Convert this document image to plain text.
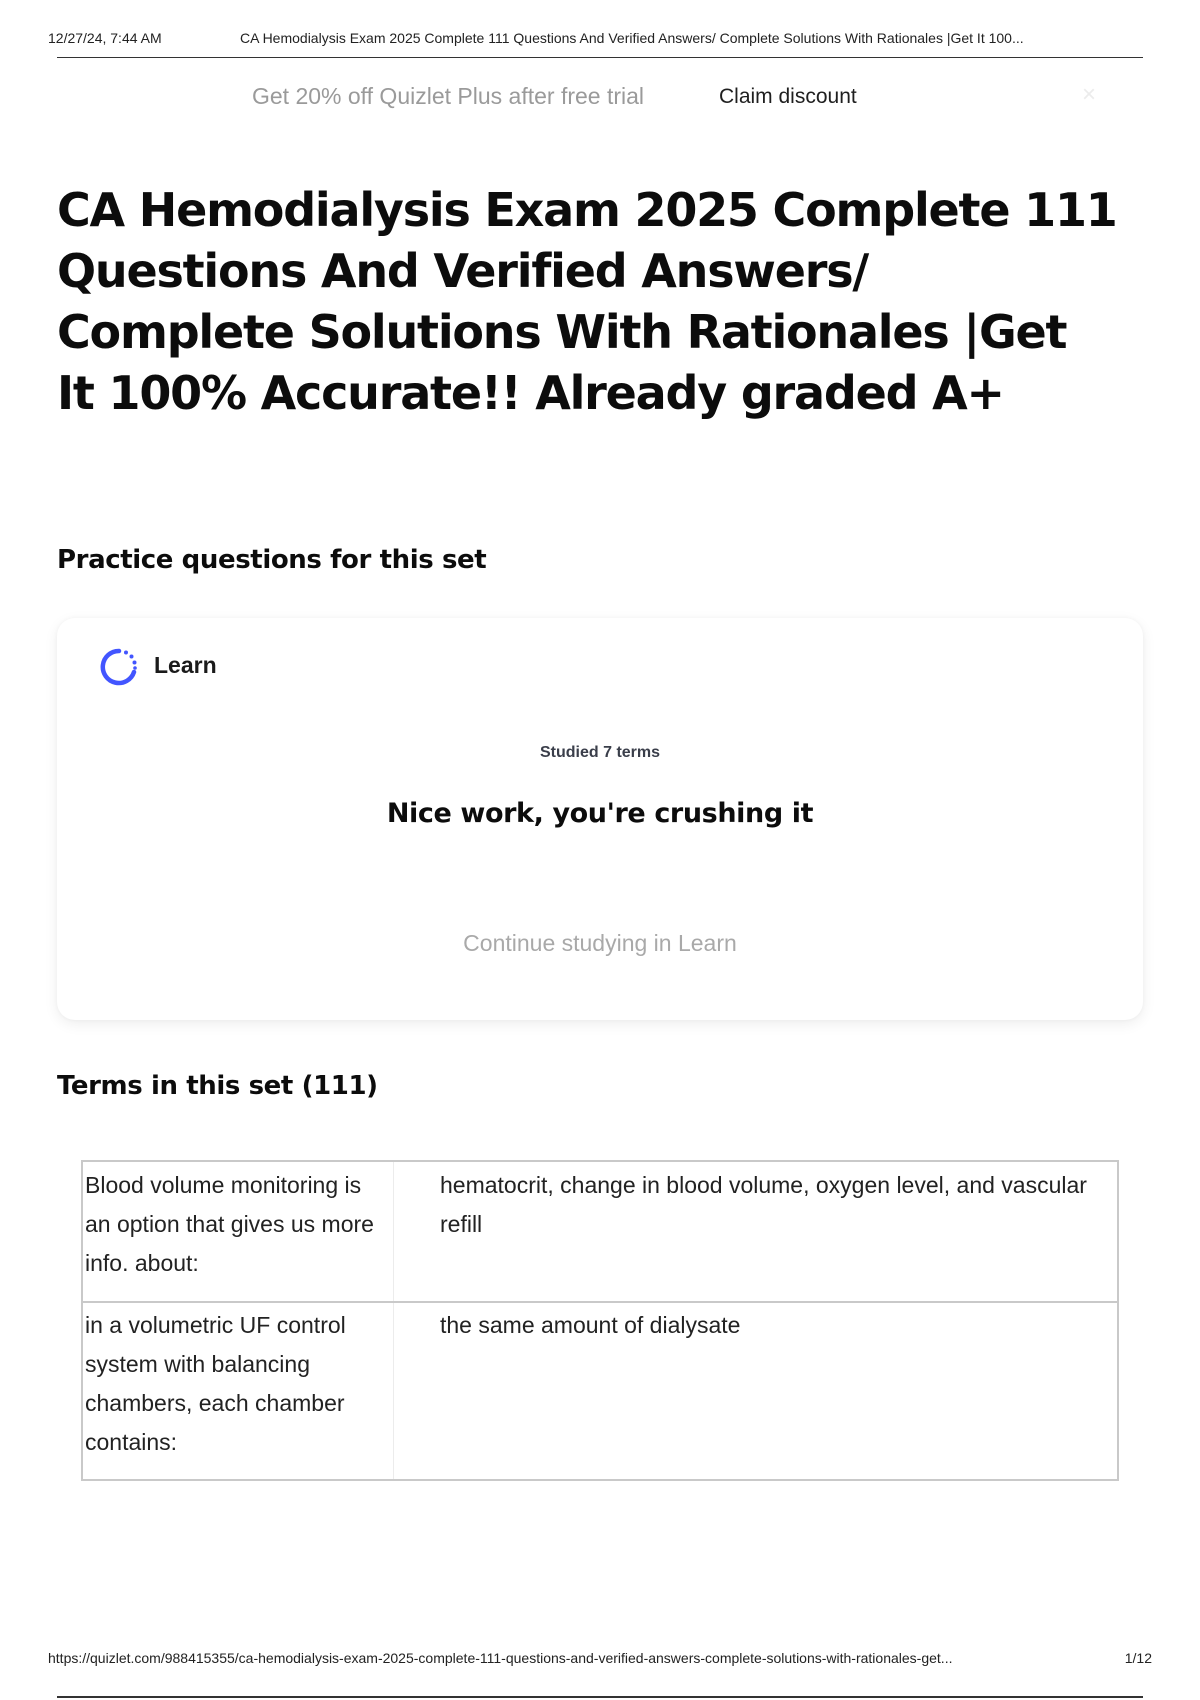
12/27/24, 7:44 AM	CA Hemodialysis Exam 2025 Complete 111 Questions And Verified Answers/ Complete Solutions With Rationales |Get It 100...
Get 20% off Quizlet Plus after free trial	Claim discount	×
CA Hemodialysis Exam 2025 Complete 111 Questions And Verified Answers/ Complete Solutions With Rationales |Get It 100% Accurate!! Already graded A+
Practice questions for this set
Learn
Studied 7 terms
Nice work, you're crushing it
Continue studying in Learn
Terms in this set (111)
Blood volume monitoring is an option that gives us more info. about:	hematocrit, change in blood volume, oxygen level, and vascular refill
in a volumetric UF control system with balancing chambers, each chamber contains:	the same amount of dialysate
https://quizlet.com/988415355/ca-hemodialysis-exam-2025-complete-111-questions-and-verified-answers-complete-solutions-with-rationales-get...	1/12
